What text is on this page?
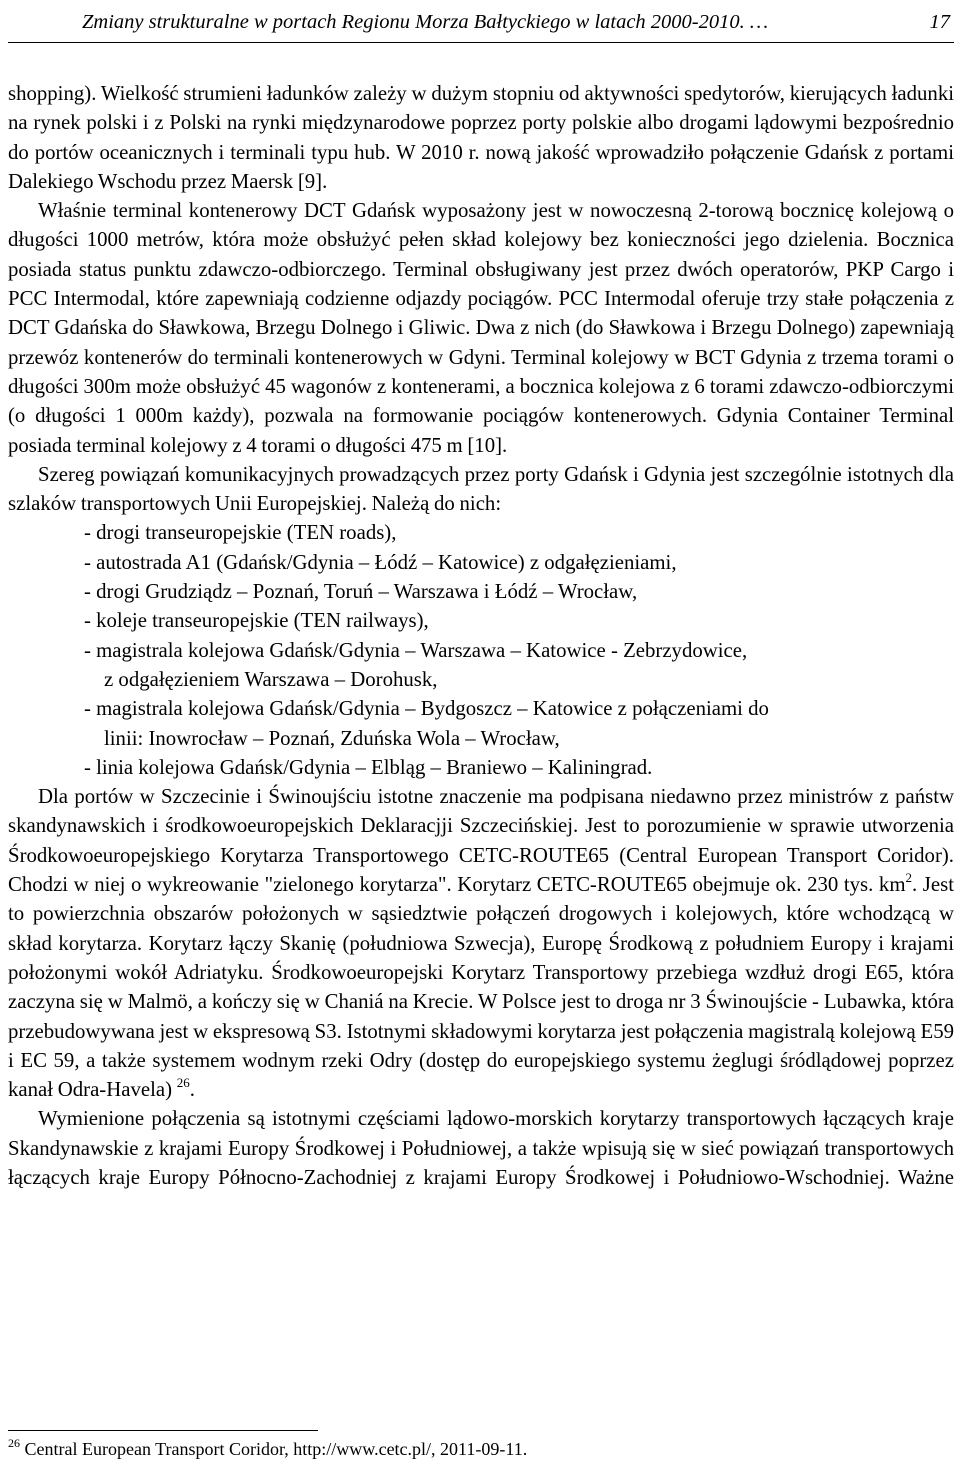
Zmiany strukturalne w portach Regionu Morza Bałtyckiego w latach 2000-2010. …	17

shopping). Wielkość strumieni ładunków zależy w dużym stopniu od aktywności spedytorów, kierujących ładunki na rynek polski i z Polski na rynki międzynarodowe poprzez porty polskie albo drogami lądowymi bezpośrednio do portów oceanicznych i terminali typu hub. W 2010 r. nową jakość wprowadziło połączenie Gdańsk z portami Dalekiego Wschodu przez Maersk [9].

Właśnie terminal kontenerowy DCT Gdańsk wyposażony jest w nowoczesną 2-torową bocznicę kolejową o długości 1000 metrów, która może obsłużyć pełen skład kolejowy bez konieczności jego dzielenia. Bocznica posiada status punktu zdawczo-odbiorczego. Terminal obsługiwany jest przez dwóch operatorów, PKP Cargo i PCC Intermodal, które zapewniają codzienne odjazdy pociągów. PCC Intermodal oferuje trzy stałe połączenia z DCT Gdańska do Sławkowa, Brzegu Dolnego i Gliwic. Dwa z nich (do Sławkowa i Brzegu Dolnego) zapewniają przewóz kontenerów do terminali kontenerowych w Gdyni. Terminal kolejowy w BCT Gdynia z trzema torami o długości 300m może obsłużyć 45 wagonów z kontenerami, a bocznica kolejowa z 6 torami zdawczo-odbiorczymi (o długości 1 000m każdy), pozwala na formowanie pociągów kontenerowych. Gdynia Container Terminal posiada terminal kolejowy z 4 torami o długości 475 m [10].

Szereg powiązań komunikacyjnych prowadzących przez porty Gdańsk i Gdynia jest szczególnie istotnych dla szlaków transportowych Unii Europejskiej. Należą do nich:

- drogi transeuropejskie (TEN roads),
- autostrada A1 (Gdańsk/Gdynia – Łódź – Katowice) z odgałęzieniami,
- drogi Grudziądz – Poznań, Toruń – Warszawa i Łódź – Wrocław,
- koleje transeuropejskie (TEN railways),
- magistrala kolejowa Gdańsk/Gdynia – Warszawa – Katowice - Zebrzydowice,
z odgałęzieniem Warszawa – Dorohusk,
- magistrala kolejowa Gdańsk/Gdynia – Bydgoszcz – Katowice z połączeniami do
linii: Inowrocław – Poznań, Zduńska Wola – Wrocław,
- linia kolejowa Gdańsk/Gdynia – Elbląg – Braniewo – Kaliningrad.

Dla portów w Szczecinie i Świnoujściu istotne znaczenie ma podpisana niedawno przez ministrów z państw skandynawskich i środkowoeuropejskich Deklaracjji Szczecińskiej. Jest to porozumienie w sprawie utworzenia Środkowoeuropejskiego Korytarza Transportowego CETC-ROUTE65 (Central European Transport Coridor). Chodzi w niej o wykreowanie "zielonego korytarza". Korytarz CETC-ROUTE65 obejmuje ok. 230 tys. $km^2$. Jest to powierzchnia obszarów położonych w sąsiedztwie połączeń drogowych i kolejowych, które wchodzącą w skład korytarza. Korytarz łączy Skanię (południowa Szwecja), Europę Środkową z południem Europy i krajami położonymi wokół Adriatyku. Środkowoeuropejski Korytarz Transportowy przebiega wzdłuż drogi E65, która zaczyna się w Malmö, a kończy się w Chaniá na Krecie. W Polsce jest to droga nr 3 Świnoujście - Lubawka, która przebudowywana jest w ekspresową S3. Istotnymi składowymi korytarza jest połączenia magistralą kolejową E59 i EC 59, a także systemem wodnym rzeki Odry (dostęp do europejskiego systemu żeglugi śródlądowej poprzez kanał Odra-Havela) $^{26}$.

Wymienione połączenia są istotnymi częściami lądowo-morskich korytarzy transportowych łączących kraje Skandynawskie z krajami Europy Środkowej i Południowej, a także wpisują się w sieć powiązań transportowych łączących kraje Europy Północno-Zachodniej z krajami Europy Środkowej i Południowo-Wschodniej. Ważne

$^{26}$ Central European Transport Coridor, http://www.cetc.pl/, 2011-09-11.
